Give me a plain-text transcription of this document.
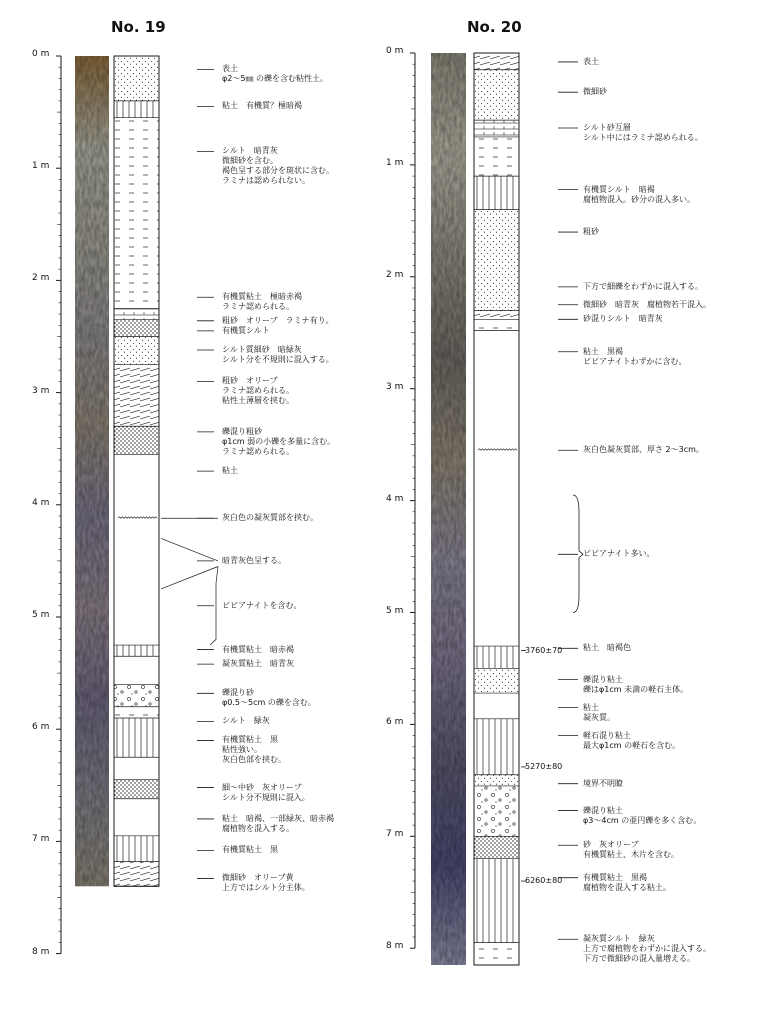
No. 19	No. 20
0 m
1 m
2 m
3 m
4 m
5 m
6 m
7 m
8 m
0 m
1 m
2 m
3 m
4 m
5 m
6 m
7 m
8 m
表土
φ2～5㎜ の礫を含む粘性土。
粘土　有機質？極暗褐
シルト　暗青灰
微細砂を含む。
褐色呈する部分を斑状に含む。
ラミナは認められない。
有機質粘土　極暗赤褐
ラミナ認められる。
粗砂　オリーブ　ラミナ有り。
有機質シルト
シルト質細砂　暗緑灰
シルト分を不規則に混入する。
粗砂　オリーブ
ラミナ認められる。
粘性土薄層を挟む。
礫混り粗砂
φ1cm 弱の小礫を多量に含む。
ラミナ認められる。
粘土
灰白色の凝灰質部を挟む。
暗青灰色呈する。
ビビアナイトを含む。
有機質粘土　暗赤褐
凝灰質粘土　暗青灰
礫混り砂
φ0.5～5cm の礫を含む。
シルト　緑灰
有機質粘土　黒
粘性強い。
灰白色部を挟む。
細～中砂　灰オリーブ
シルト分不規則に混入。
粘土　暗褐、一部緑灰、暗赤褐
腐植物を混入する。
有機質粘土　黒
微細砂　オリーブ黄
上方ではシルト分主体。
表土
微細砂
シルト砂互層
シルト中にはラミナ認められる。
有機質シルト　暗褐
腐植物混入。砂分の混入多い。
粗砂
下方で細礫をわずかに混入する。
微細砂　暗青灰　腐植物若干混入。
砂混りシルト　暗青灰
粘土　黒褐
ビビアナイトわずかに含む。
灰白色凝灰質部、厚さ 2～3cm。
ビビアナイト多い。
粘土　暗褐色
礫混り粘土
礫はφ1cm 未満の軽石主体。
粘土
凝灰質。
軽石混り粘土
最大φ1cm の軽石を含む。
境界不明瞭
礫混り粘土
φ3～4cm の亜円礫を多く含む。
砂　灰オリーブ
有機質粘土、木片を含む。
有機質粘土　黒褐
腐植物を混入する粘土。
凝灰質シルト　緑灰
上方で腐植物をわずかに混入する。
下方で微細砂の混入量増える。
3760±70
5270±80
6260±80
